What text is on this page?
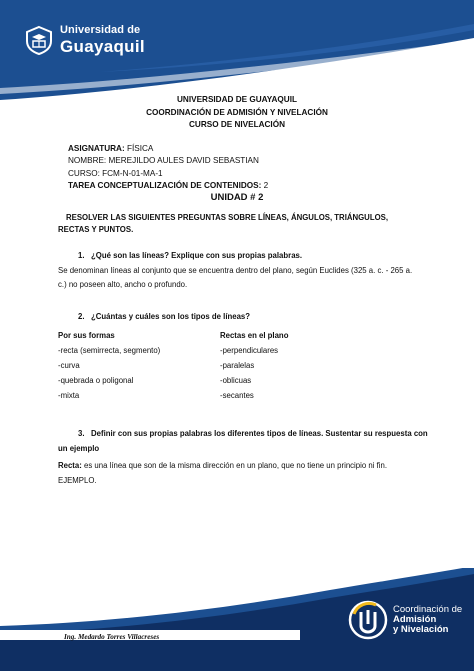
Universidad de
Guayaquil
UNIVERSIDAD DE GUAYAQUIL
COORDINACIÓN DE ADMISIÓN Y NIVELACIÓN
CURSO DE NIVELACIÓN
ASIGNATURA: FÍSICA
NOMBRE: MEREJILDO AULES DAVID SEBASTIAN
CURSO: FCM-N-01-MA-1
TAREA CONCEPTUALIZACIÓN DE CONTENIDOS: 2
UNIDAD # 2
RESOLVER LAS SIGUIENTES PREGUNTAS SOBRE LÍNEAS, ÁNGULOS, TRIÁNGULOS, RECTAS Y PUNTOS.
1. ¿Qué son las líneas? Explique con sus propias palabras.
Se denominan líneas al conjunto que se encuentra dentro del plano, según Euclides (325 a. c. - 265 a. c.) no poseen alto, ancho o profundo.
2. ¿Cuántas y cuáles son los tipos de líneas?
Por sus formas
-recta (semirrecta, segmento)
-curva
-quebrada o poligonal
-mixta
Rectas en el plano
-perpendiculares
-paralelas
-oblicuas
-secantes
3. Definir con sus propias palabras los diferentes tipos de líneas. Sustentar su respuesta con un ejemplo
Recta: es una línea que son de la misma dirección en un plano, que no tiene un principio ni fin.
EJEMPLO.
Ing. Medardo Torres Villacreses
Coordinación de
Admisión
y Nivelación
